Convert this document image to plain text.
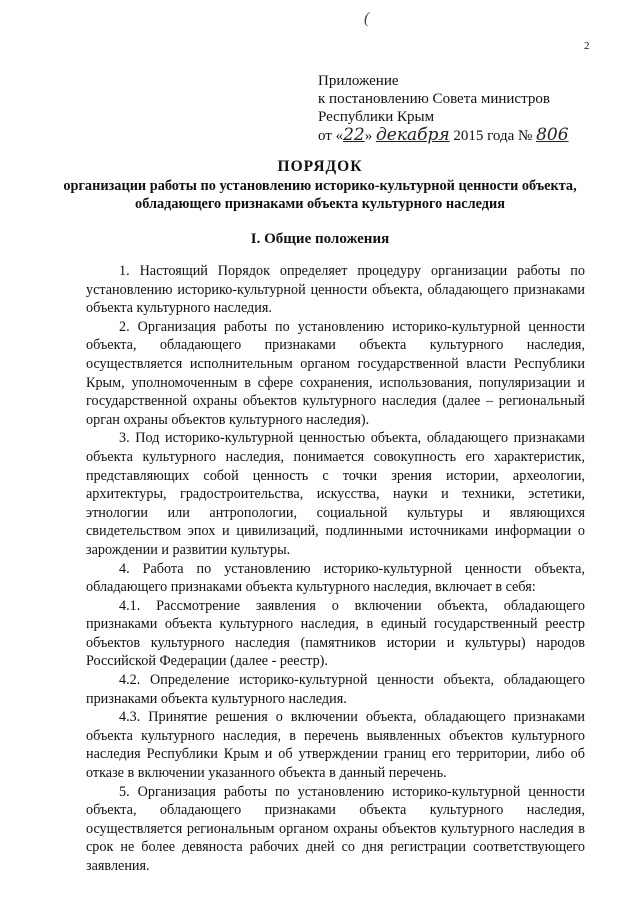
2
(
Приложение
к постановлению Совета министров
Республики Крым
от «22» декабря 2015 года № 806
ПОРЯДОК
организации работы по установлению историко-культурной ценности объекта, обладающего признаками объекта культурного наследия
I. Общие положения

1. Настоящий Порядок определяет процедуру организации работы по установлению историко-культурной ценности объекта, обладающего признаками объекта культурного наследия.

2. Организация работы по установлению историко-культурной ценности объекта, обладающего признаками объекта культурного наследия, осуществляется исполнительным органом государственной власти Республики Крым, уполномоченным в сфере сохранения, использования, популяризации и государственной охраны объектов культурного наследия (далее – региональный орган охраны объектов культурного наследия).

3. Под историко-культурной ценностью объекта, обладающего признаками объекта культурного наследия, понимается совокупность его характеристик, представляющих собой ценность с точки зрения истории, археологии, архитектуры, градостроительства, искусства, науки и техники, эстетики, этнологии или антропологии, социальной культуры и являющихся свидетельством эпох и цивилизаций, подлинными источниками информации о зарождении и развитии культуры.

4. Работа по установлению историко-культурной ценности объекта, обладающего признаками объекта культурного наследия, включает в себя:

4.1. Рассмотрение заявления о включении объекта, обладающего признаками объекта культурного наследия, в единый государственный реестр объектов культурного наследия (памятников истории и культуры) народов Российской Федерации (далее - реестр).

4.2. Определение историко-культурной ценности объекта, обладающего признаками объекта культурного наследия.

4.3. Принятие решения о включении объекта, обладающего признаками объекта культурного наследия, в перечень выявленных объектов культурного наследия Республики Крым и об утверждении границ его территории, либо об отказе в включении указанного объекта в данный перечень.

5. Организация работы по установлению историко-культурной ценности объекта, обладающего признаками объекта культурного наследия, осуществляется региональным органом охраны объектов культурного наследия в срок не более девяноста рабочих дней со дня регистрации соответствующего заявления.
